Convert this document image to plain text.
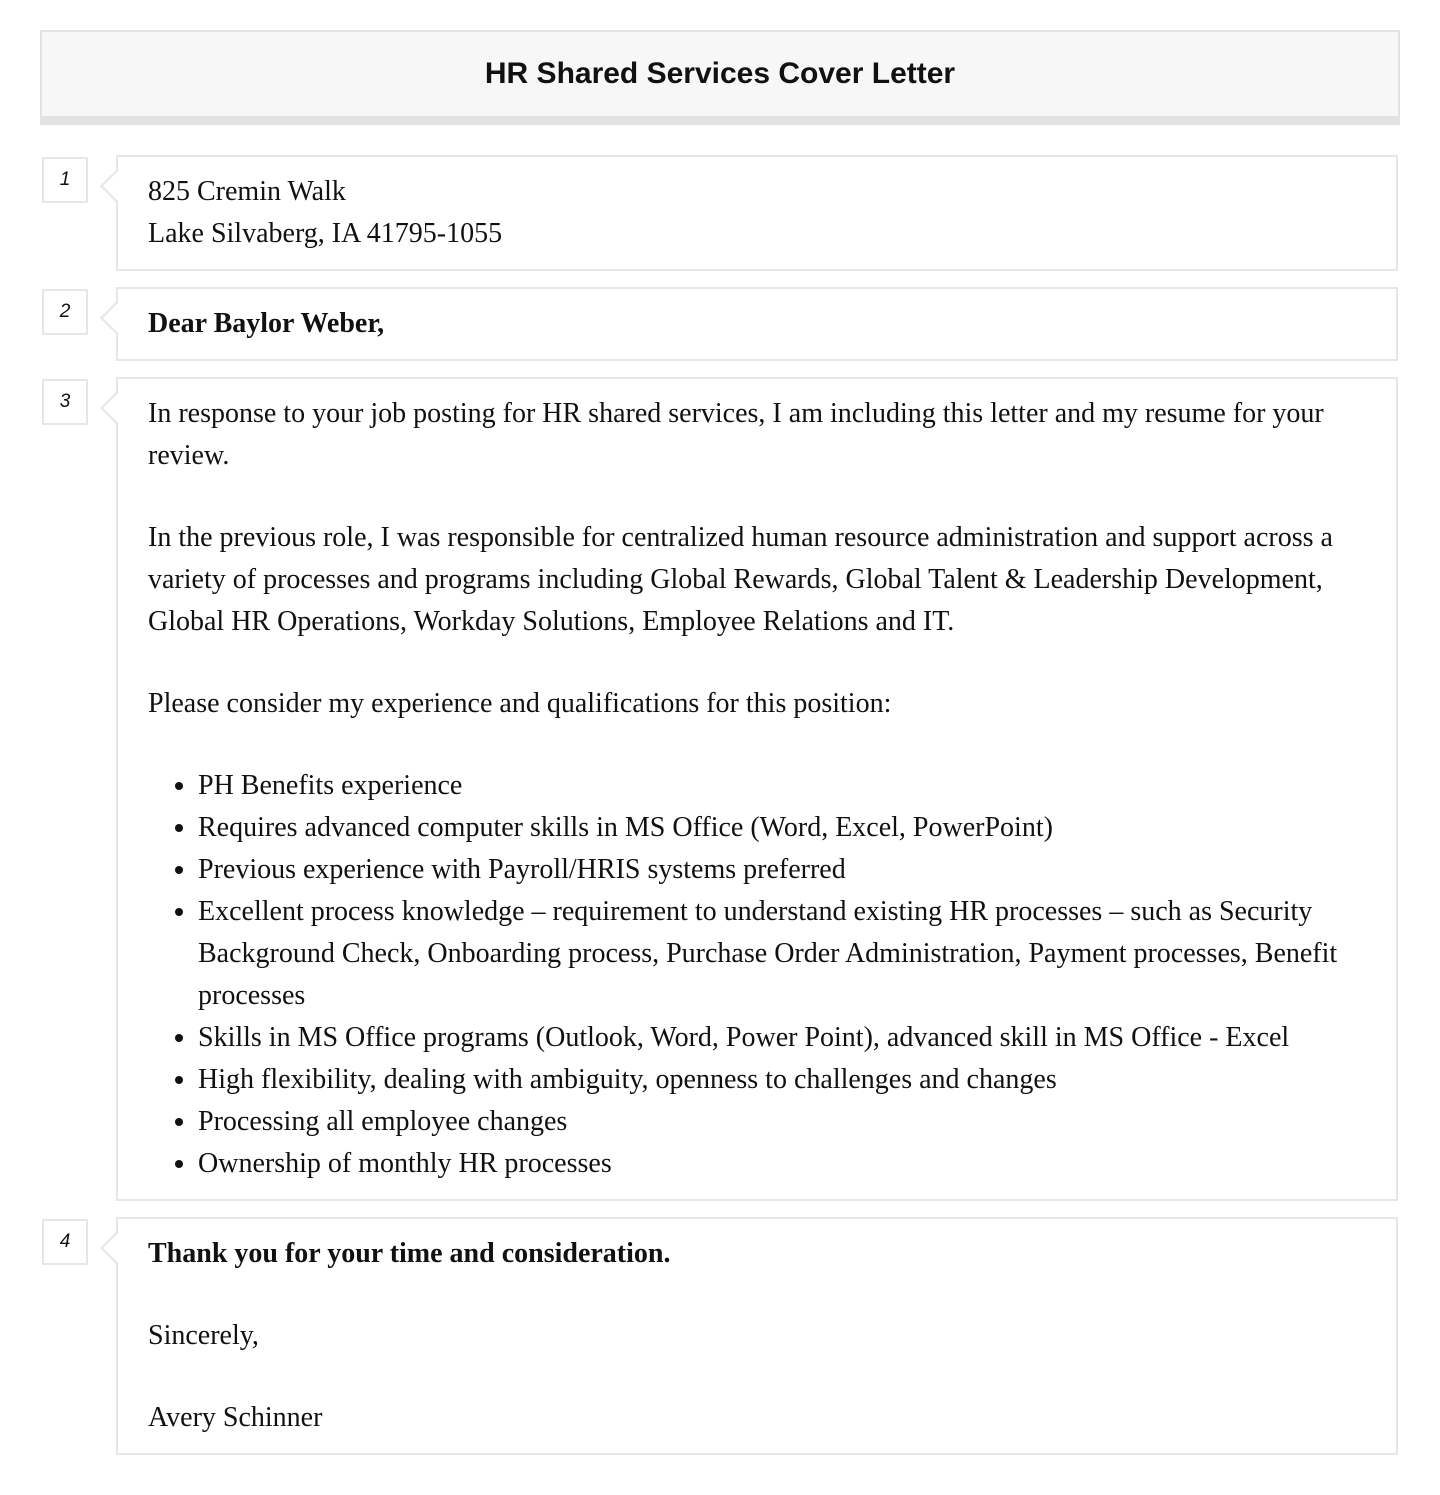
HR Shared Services Cover Letter
1	825 Cremin Walk

Lake Silvaberg, IA 41795-1055

2	Dear Baylor Weber,

3	In response to your job posting for HR shared services, I am including this letter and my resume for your review.

In the previous role, I was responsible for centralized human resource administration and support across a variety of processes and programs including Global Rewards, Global Talent & Leadership Development, Global HR Operations, Workday Solutions, Employee Relations and IT.

Please consider my experience and qualifications for this position:

• PH Benefits experience
• Requires advanced computer skills in MS Office (Word, Excel, PowerPoint)
• Previous experience with Payroll/HRIS systems preferred
• Excellent process knowledge – requirement to understand existing HR processes – such as Security Background Check, Onboarding process, Purchase Order Administration, Payment processes, Benefit processes
• Skills in MS Office programs (Outlook, Word, Power Point), advanced skill in MS Office - Excel
• High flexibility, dealing with ambiguity, openness to challenges and changes
• Processing all employee changes
• Ownership of monthly HR processes
4	Thank you for your time and consideration.

Sincerely,

Avery Schinner
